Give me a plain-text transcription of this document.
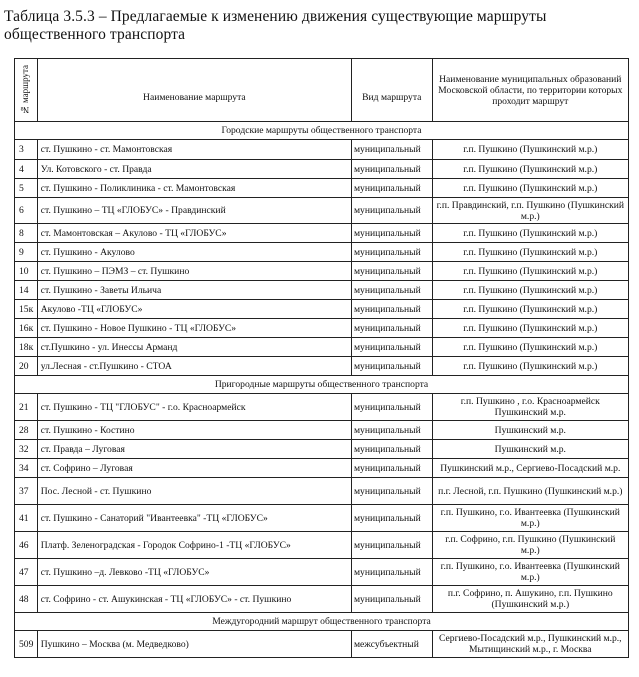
Таблица 3.5.3 – Предлагаемые к изменению движения существующие маршруты общественного транспорта
№ маршрута	Наименование маршрута	Вид маршрута	Наименование муниципальных образований Московской области, по территории которых проходит маршрут
Городские маршруты общественного транспорта			
3	ст. Пушкино - ст. Мамонтовская	муниципальный	г.п. Пушкино (Пушкинский м.р.)
4	Ул. Котовского - ст. Правда	муниципальный	г.п. Пушкино (Пушкинский м.р.)
5	ст. Пушкино - Поликлиника - ст. Мамонтовская	муниципальный	г.п. Пушкино (Пушкинский м.р.)
6	ст. Пушкино – ТЦ «ГЛОБУС» - Правдинский	муниципальный	г.п. Правдинский, г.п. Пушкино (Пушкинский м.р.)
8	ст. Мамонтовская – Акулово - ТЦ «ГЛОБУС»	муниципальный	г.п. Пушкино (Пушкинский м.р.)
9	ст. Пушкино - Акулово	муниципальный	г.п. Пушкино (Пушкинский м.р.)
10	ст. Пушкино – ПЭМЗ – ст. Пушкино	муниципальный	г.п. Пушкино (Пушкинский м.р.)
14	ст. Пушкино - Заветы Ильича	муниципальный	г.п. Пушкино (Пушкинский м.р.)
15к	Акулово -ТЦ «ГЛОБУС»	муниципальный	г.п. Пушкино (Пушкинский м.р.)
16к	ст. Пушкино - Новое Пушкино - ТЦ «ГЛОБУС»	муниципальный	г.п. Пушкино (Пушкинский м.р.)
18к	ст.Пушкино - ул. Инессы Арманд	муниципальный	г.п. Пушкино (Пушкинский м.р.)
20	ул.Лесная - ст.Пушкино - СТОА	муниципальный	г.п. Пушкино (Пушкинский м.р.)
Пригородные маршруты общественного транспорта			
21	ст. Пушкино - ТЦ "ГЛОБУС" - г.о. Красноармейск	муниципальный	г.п. Пушкино , г.о. Красноармейск Пушкинский м.р.
28	ст. Пушкино - Костино	муниципальный	Пушкинский м.р.
32	ст. Правда – Луговая	муниципальный	Пушкинский м.р.
34	ст. Софрино – Луговая	муниципальный	Пушкинский м.р., Сергиево-Посадский м.р.
37	Пос. Лесной - ст. Пушкино	муниципальный	п.г. Лесной, г.п. Пушкино (Пушкинский м.р.)
41	ст. Пушкино - Санаторий "Ивантеевка" -ТЦ «ГЛОБУС»	муниципальный	г.п. Пушкино, г.о. Ивантеевка (Пушкинский м.р.)
46	Платф. Зеленоградская - Городок Софрино-1 -ТЦ «ГЛОБУС»	муниципальный	г.п. Софрино, г.п. Пушкино (Пушкинский м.р.)
47	ст. Пушкино –д. Левково -ТЦ «ГЛОБУС»	муниципальный	г.п. Пушкино, г.о. Ивантеевка (Пушкинский м.р.)
48	ст. Софрино - ст. Ашукинская - ТЦ «ГЛОБУС» - ст. Пушкино	муниципальный	п.г. Софрино, п. Ашукино, г.п. Пушкино (Пушкинский м.р.)
Междугородний маршрут общественного транспорта			
509	Пушкино – Москва (м. Медведково)	межсубъектный	Сергиево-Посадский м.р., Пушкинский м.р., Мытищинский м.р., г. Москва
